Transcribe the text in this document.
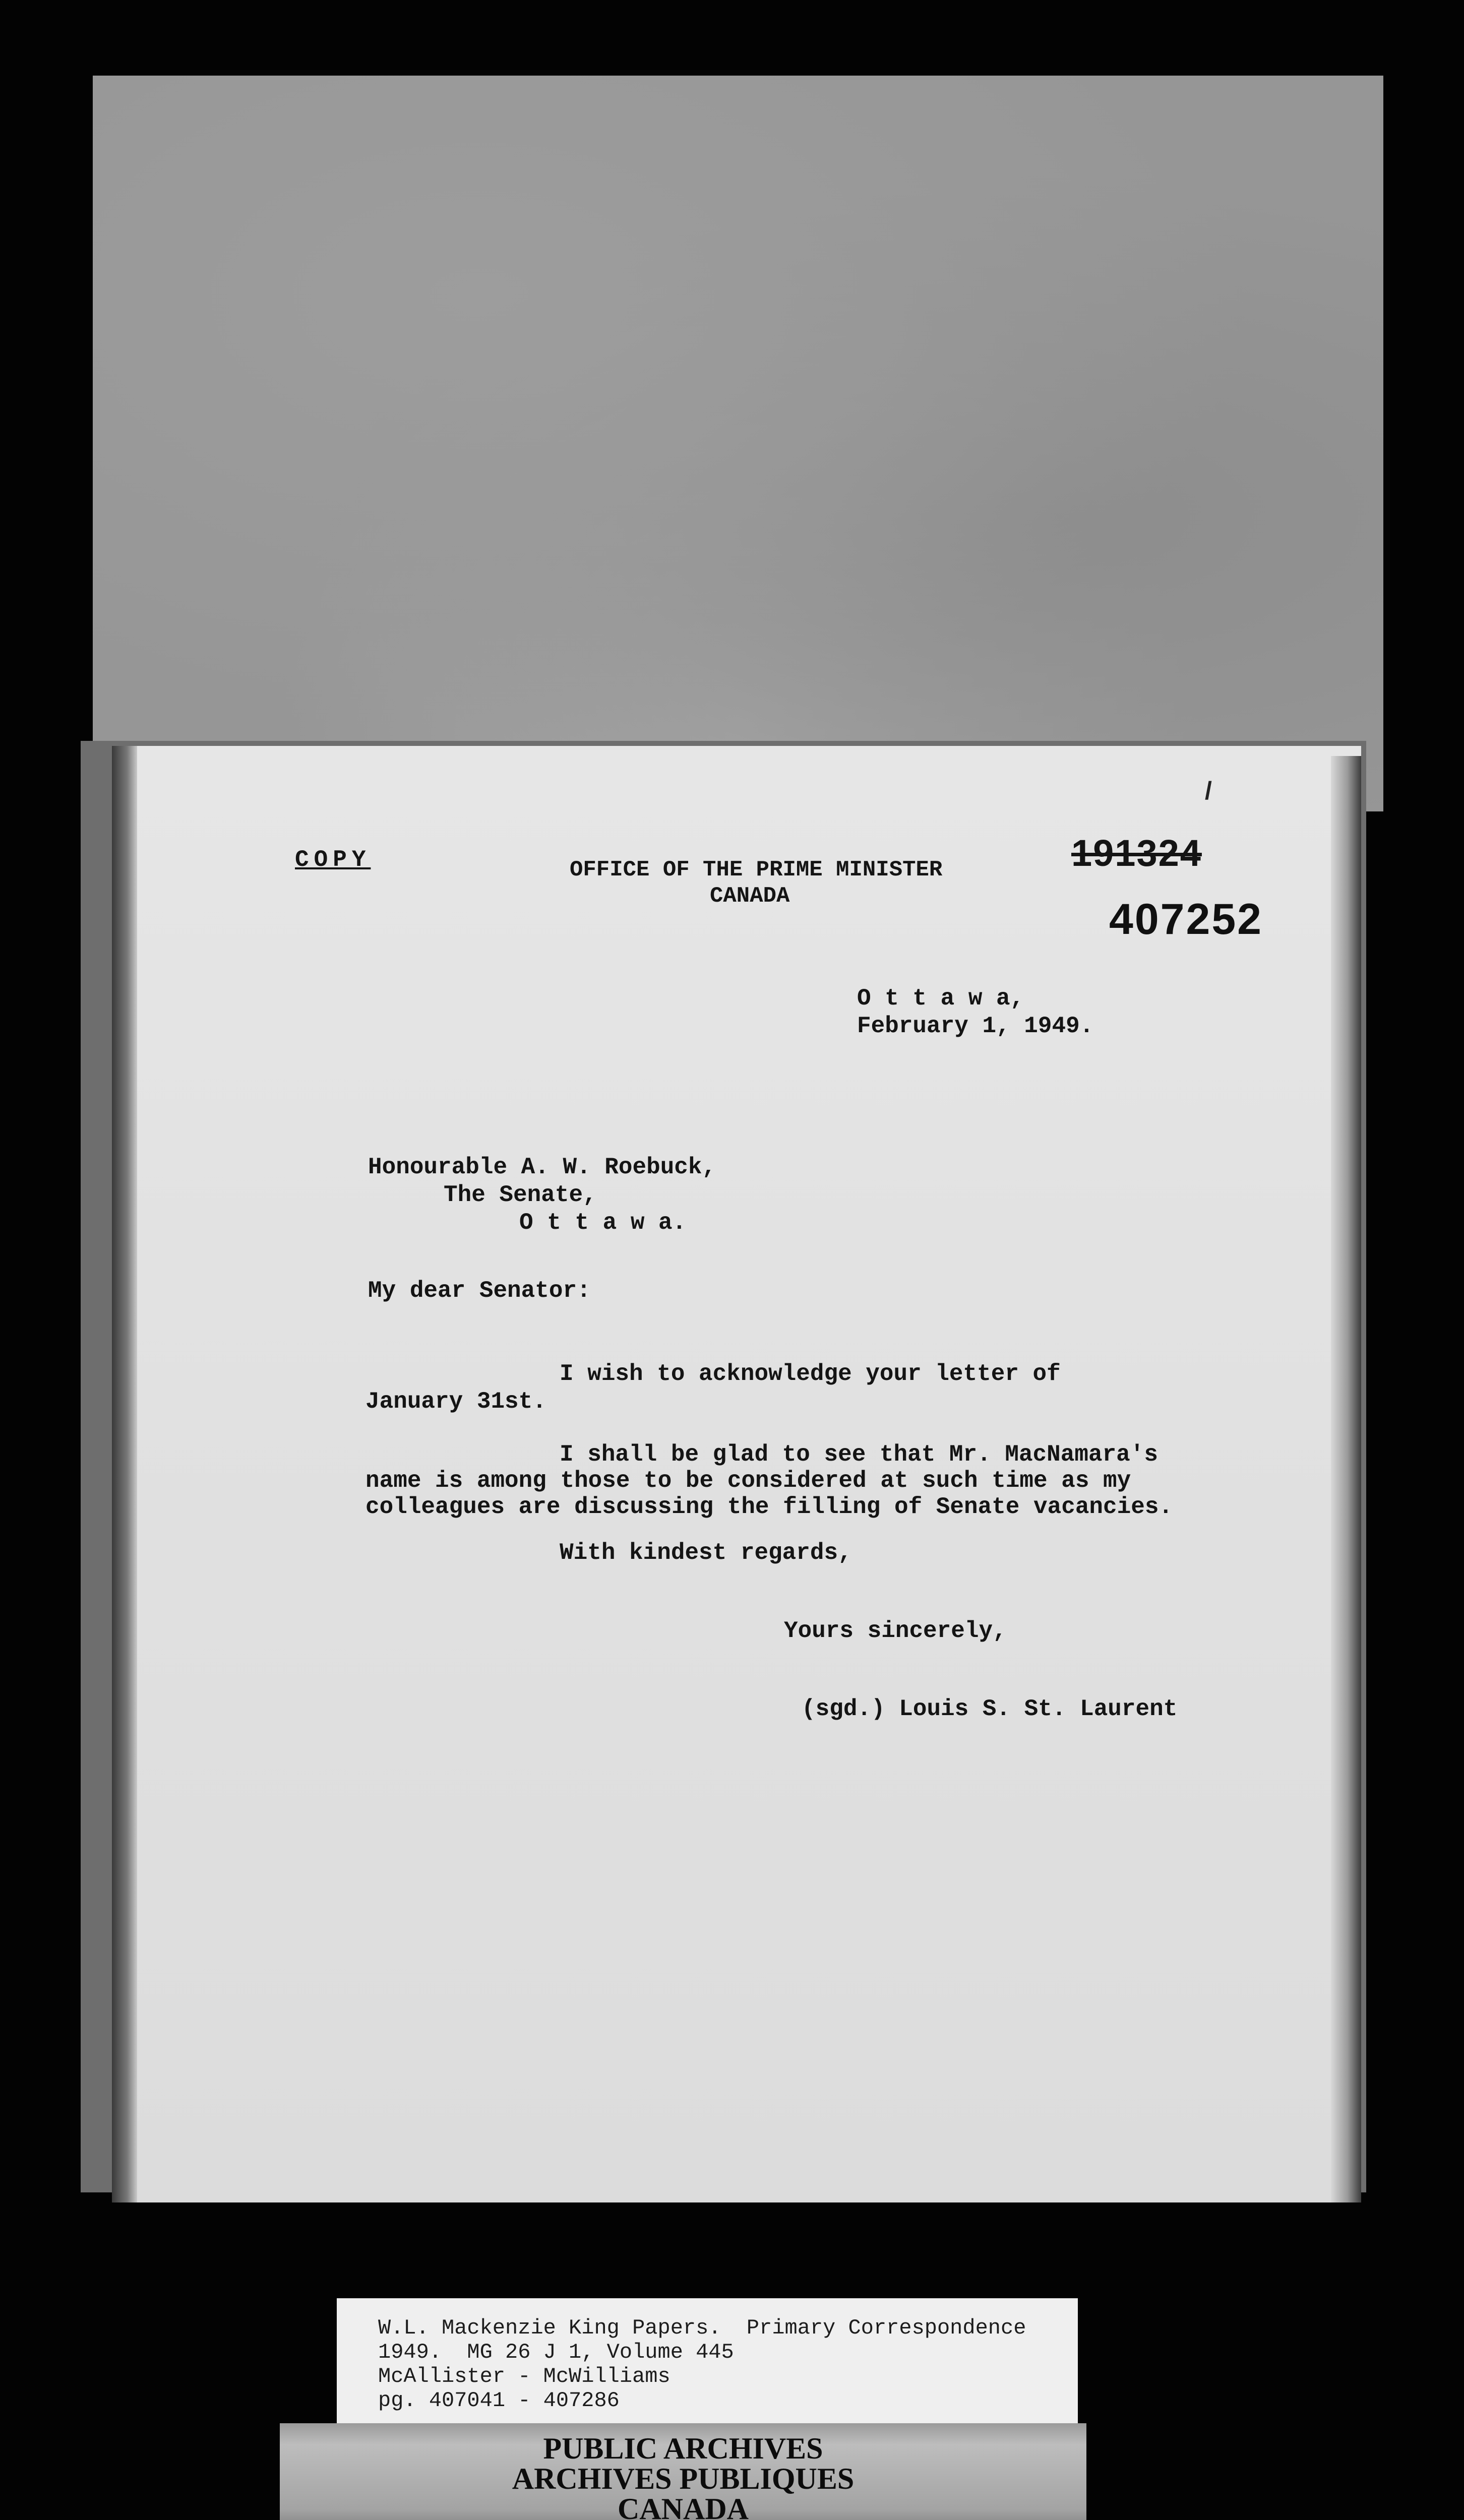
/
COPY	OFFICE OF THE PRIME MINISTER
CANADA
191324
407252
O t t a w a,
February 1, 1949.
Honourable A. W. Roebuck,
The Senate,
O t t a w a.
My dear Senator:
I wish to acknowledge your letter of
January 31st.
I shall be glad to see that Mr. MacNamara's
name is among those to be considered at such time as my
colleagues are discussing the filling of Senate vacancies.
With kindest regards,
Yours sincerely,
(sgd.) Louis S. St. Laurent
W.L. Mackenzie King Papers.  Primary Correspondence
1949.  MG 26 J 1, Volume 445
McAllister - McWilliams
pg. 407041 - 407286
PUBLIC ARCHIVES
ARCHIVES PUBLIQUES
CANADA
